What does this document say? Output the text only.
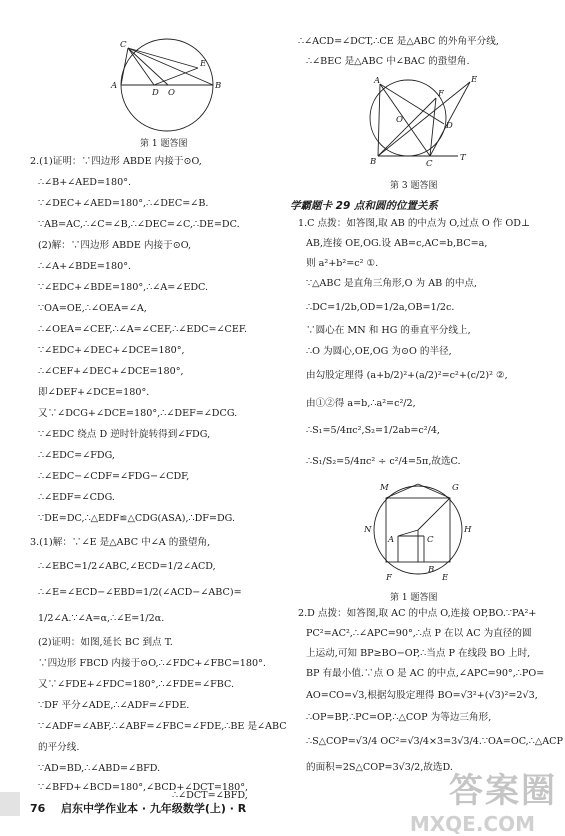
C
E
A
D O
B
第 1 题答图
2.(1)证明：∵四边形 ABDE 内接于⊙O,
∴∠B+∠AED=180°.
∵∠DEC+∠AED=180°,∴∠DEC=∠B.
∵AB=AC,∴∠C=∠B,∴∠DEC=∠C,∴DE=DC.
(2)解：∵四边形 ABDE 内接于⊙O,
∴∠A+∠BDE=180°.
∵∠EDC+∠BDE=180°,∴∠A=∠EDC.
∵OA=OE,∴∠OEA=∠A,
∴∠OEA=∠CEF,∴∠A=∠CEF,∴∠EDC=∠CEF.
∵∠EDC+∠DEC+∠DCE=180°,
∴∠CEF+∠DEC+∠DCE=180°,
即∠DEF+∠DCE=180°.
又∵∠DCG+∠DCE=180°,∴∠DEF=∠DCG.
∵∠EDC 绕点 D 逆时针旋转得到∠FDG,
∴∠EDC=∠FDG,
∴∠EDC−∠CDF=∠FDG−∠CDF,
∴∠EDF=∠CDG.
∵DE=DC,∴△EDF≌△CDG(ASA),∴DF=DG.
3.(1)解：∵∠E 是△ABC 中∠A 的蛩望角,
∴∠EBC=1/2∠ABC,∠ECD=1/2∠ACD,
∴∠E=∠ECD−∠EBD=1/2(∠ACD−∠ABC)=
1/2∠A.∵∠A=α,∴∠E=1/2α.
(2)证明：如图,延长 BC 到点 T.
∵四边形 FBCD 内接于⊙O,∴∠FDC+∠FBC=180°.
又∵∠FDE+∠FDC=180°,∴∠FDE=∠FBC.
∵DF 平分∠ADE,∴∠ADF=∠FDE.
∵∠ADF=∠ABF,∴∠ABF=∠FBC=∠FDE,∴BE 是∠ABC
的平分线.
∵AD=BD,∴∠ABD=∠BFD.
∵∠BFD+∠BCD=180°,∠BCD+∠DCT=180°,
∴∠DCT=∠BFD,
∴∠ACD=∠DCT,∴CE 是△ABC 的外角平分线,
∴∠BEC 是△ABC 中∠BAC 的蛩望角.
A	E
F
O
D
B	C
T
第 3 题答图
学霸题卡 29 点和圆的位置关系
1.C 点拨：如答图,取 AB 的中点为 O,过点 O 作 OD⊥
AB,连接 OE,OG.设 AB=c,AC=b,BC=a,
则 a²+b²=c² ①.
∵△ABC 是直角三角形,O 为 AB 的中点,
∴DC=1/2b,OD=1/2a,OB=1/2c.
∵圆心在 MN 和 HG 的垂直平分线上,
∴O 为圆心,OE,OG 为⊙O 的半径,
由勾股定理得 (a+b/2)²+(a/2)²=c²+(c/2)² ②,
由①②得 a=b,∴a²=c²/2,
∴S₁=5/4πc²,S₂=1/2ab=c²/4,
∴S₁/S₂=5/4πc² ÷ c²/4=5π,故选C.
M	G
N	H
A	C
B
F	E
第 1 题答图
2.D 点拨：如答图,取 AC 的中点 O,连接 OP,BO.∵PA²+
PC²=AC²,∴∠APC=90°,∴点 P 在以 AC 为直径的圆
上运动,可知 BP≥BO−OP,∴当点 P 在线段 BO 上时,
BP 有最小值.∵点 O 是 AC 的中点,∠APC=90°,∴PO=
AO=CO=√3,根据勾股定理得 BO=√3²+(√3)²=2√3,
∴OP=BP,∴PC=OP,∴△COP 为等边三角形,
∴S△COP=√3/4 OC²=√3/4×3=3√3/4.∵OA=OC,∴△ACP
的面积=2S△COP=3√3/2,故选D.
76 启东中学作业本 · 九年级数学(上) · R	答案圈
MXQE.COM
